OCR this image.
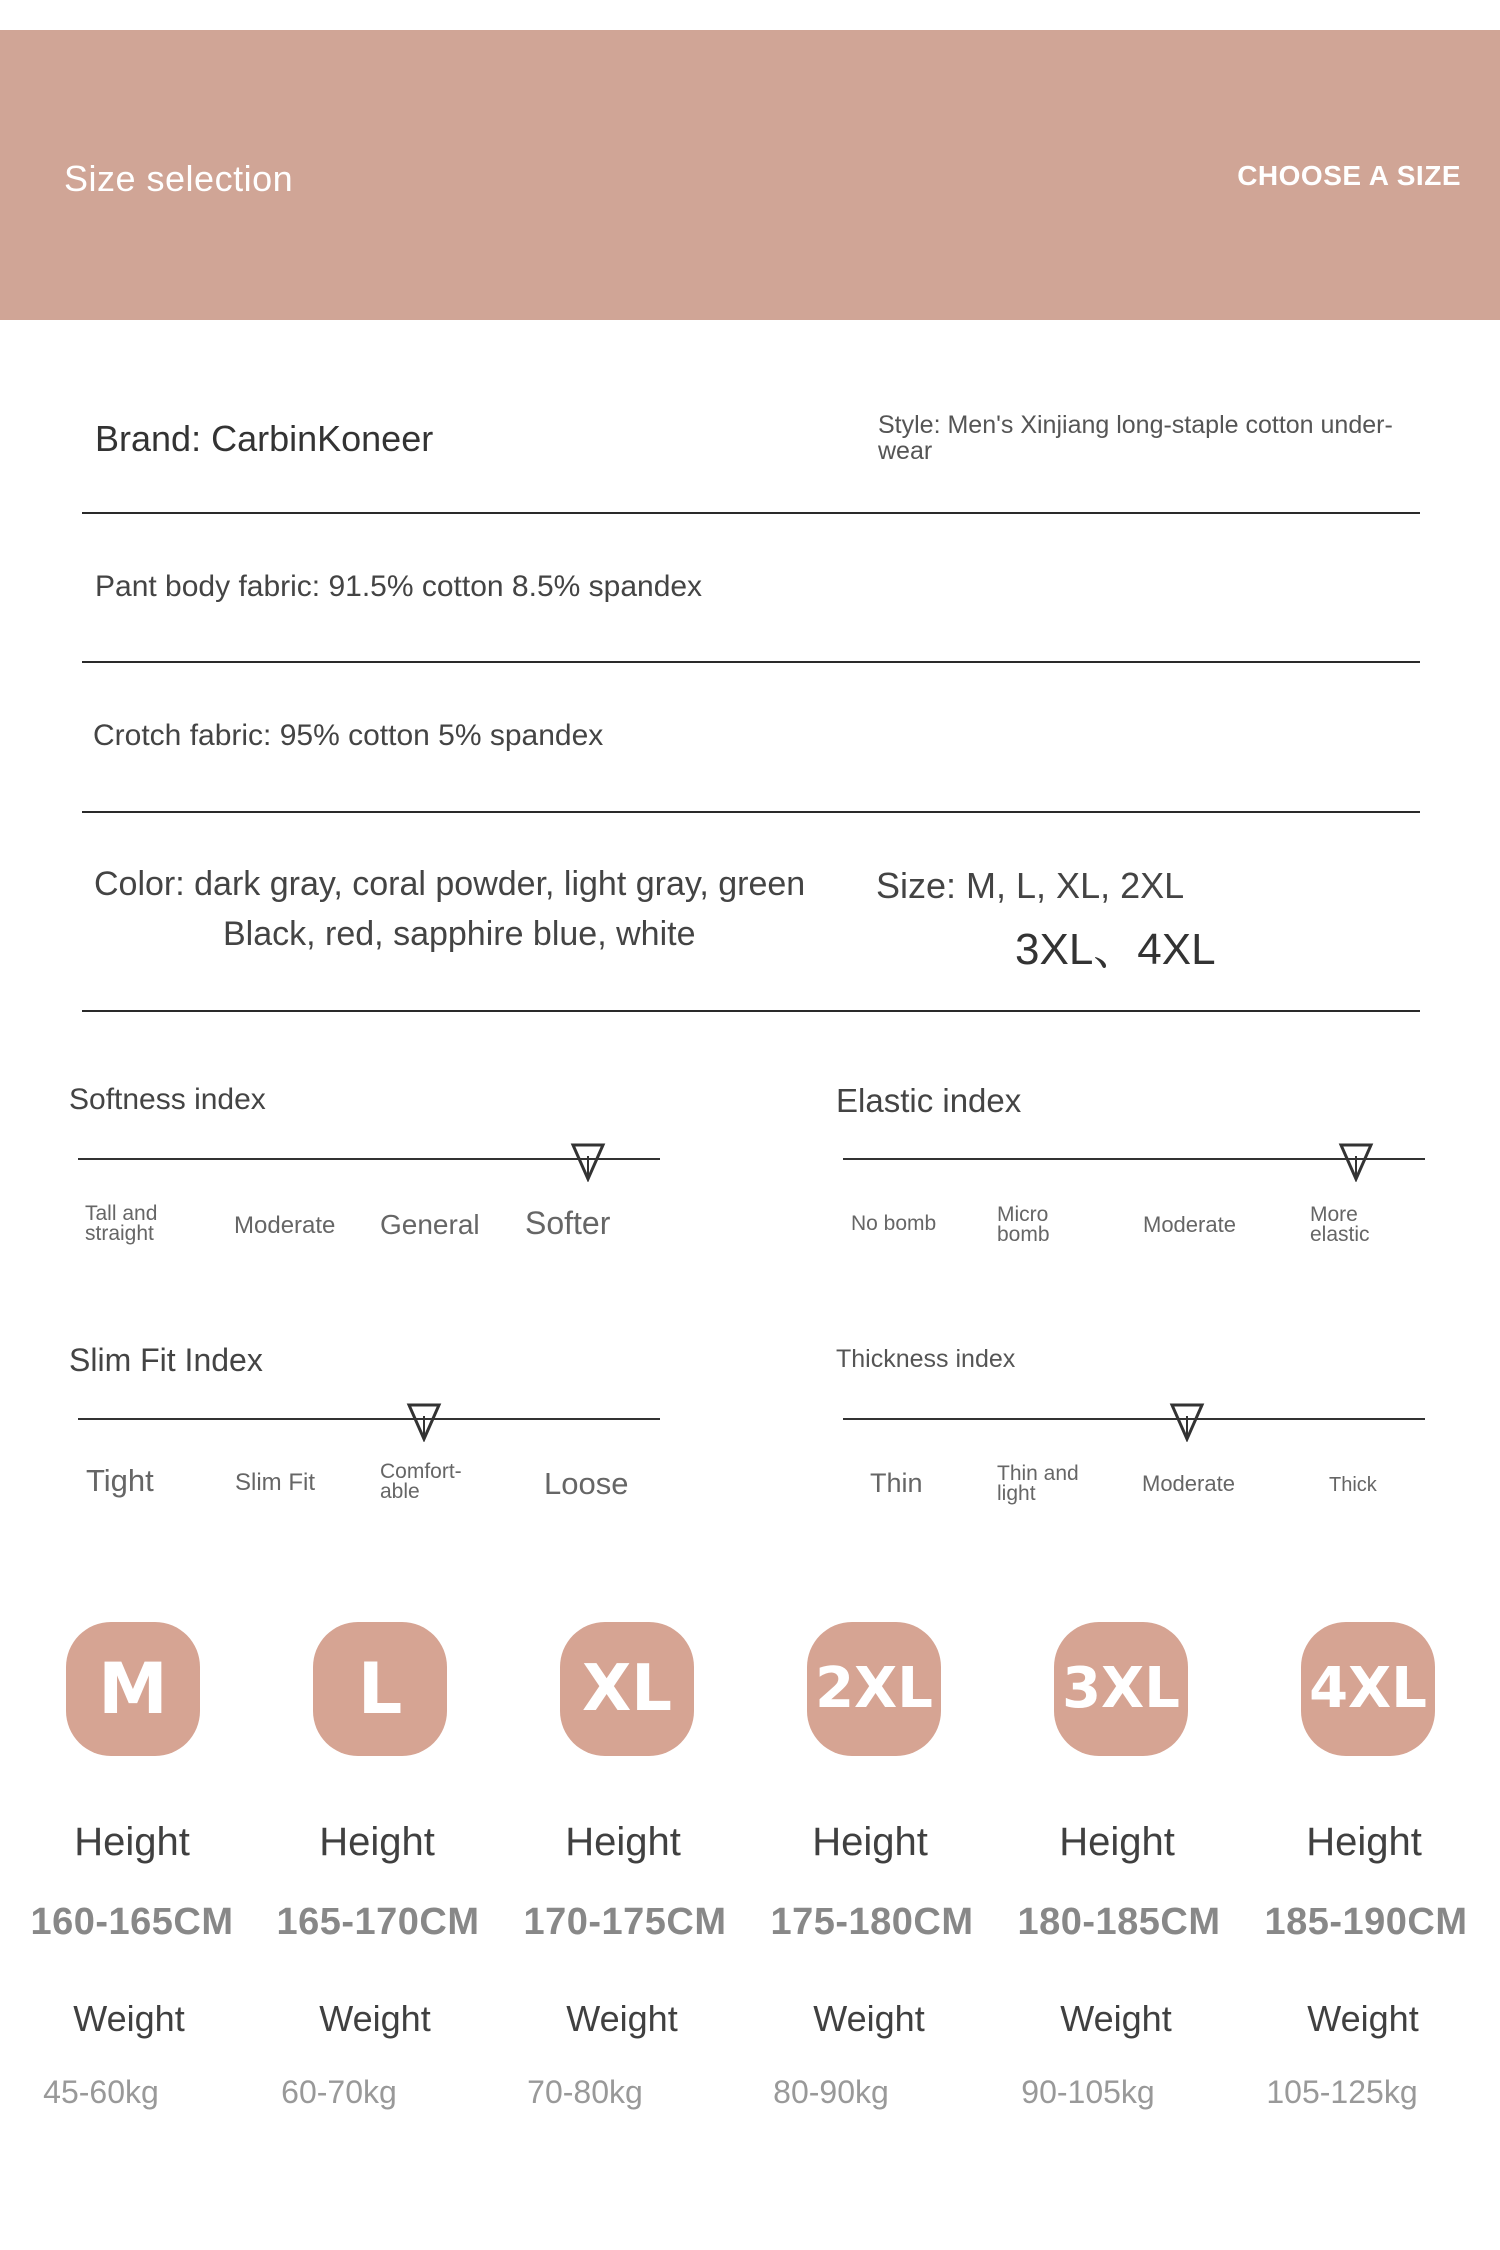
Size selection	CHOOSE A SIZE
Brand: CarbinKoneer	Style: Men's Xinjiang long-staple cotton under-wear
Pant body fabric: 91.5% cotton 8.5% spandex
Crotch fabric: 95% cotton 5% spandex
Color: dark gray, coral powder, light gray, green
Black, red, sapphire blue, white
Size: M, L, XL, 2XL
3XL、4XL
Softness index
Tall and straight	Moderate General Softer
Elastic index
No bomb	Micro bomb	Moderate	More elastic
Slim Fit Index
Tight	Slim Fit	Comfort-able	Loose
Thickness index
Thin	Thin and light	Moderate	Thick
M	L	XL	2XL 3XL 4XL
Height	Height	Height	Height	Height	Height
160-165CM	165-170CM	170-175CM	175-180CM	180-185CM	185-190CM
Weight	Weight	Weight	Weight	Weight	Weight
45-60kg	60-70kg	70-80kg	80-90kg	90-105kg	105-125kg
